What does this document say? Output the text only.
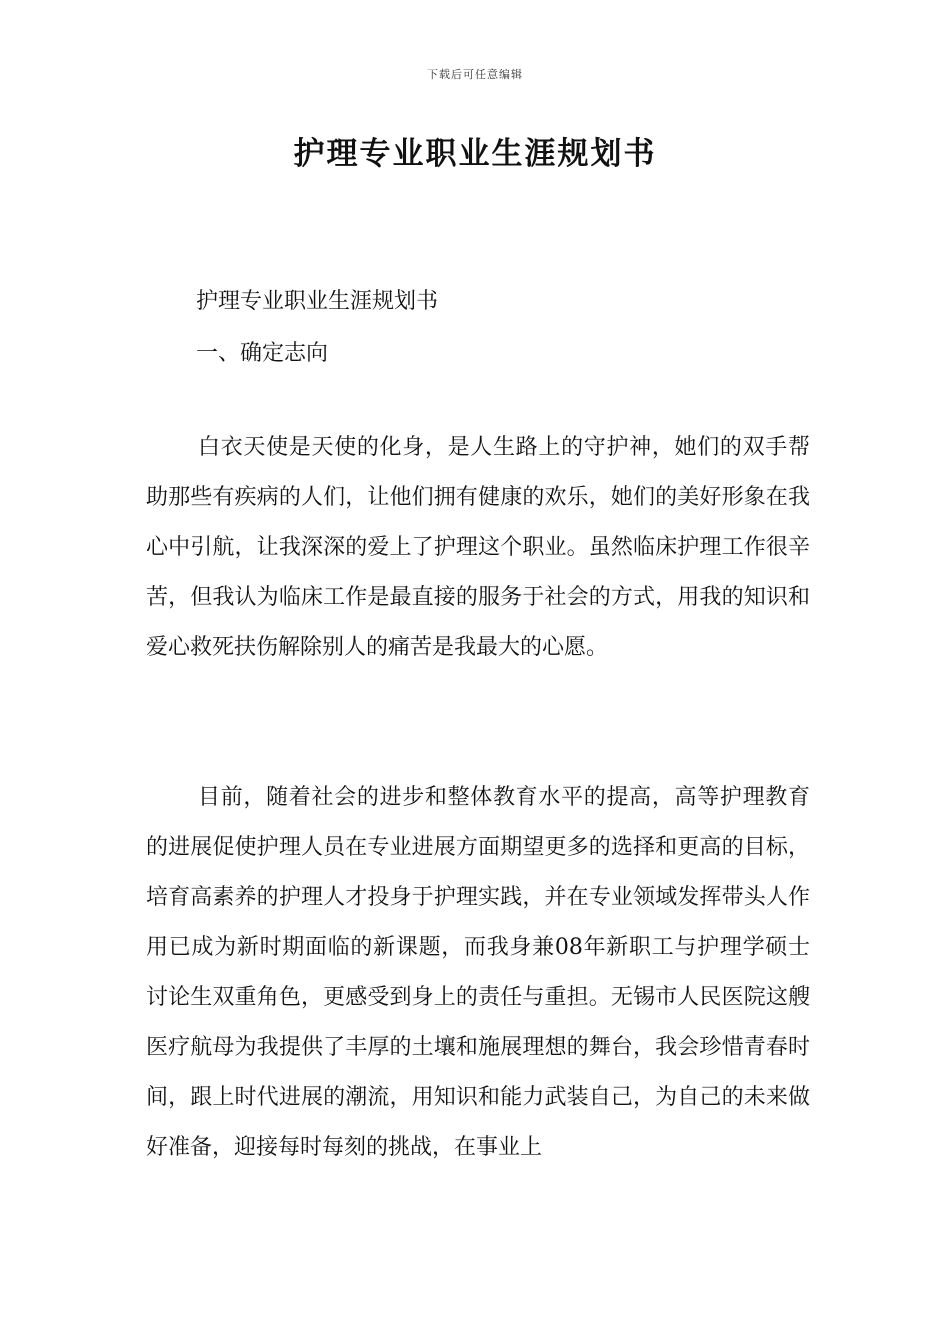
下载后可任意编辑
护理专业职业生涯规划书
护理专业职业生涯规划书
一、确定志向

白衣天使是天使的化身，是人生路上的守护神，她们的双手帮助那些有疾病的人们，让他们拥有健康的欢乐，她们的美好形象在我心中引航，让我深深的爱上了护理这个职业。虽然临床护理工作很辛苦，但我认为临床工作是最直接的服务于社会的方式，用我的知识和爱心救死扶伤解除别人的痛苦是我最大的心愿。

目前，随着社会的进步和整体教育水平的提高，高等护理教育的进展促使护理人员在专业进展方面期望更多的选择和更高的目标，培育高素养的护理人才投身于护理实践，并在专业领域发挥带头人作用已成为新时期面临的新课题，而我身兼08年新职工与护理学硕士讨论生双重角色，更感受到身上的责任与重担。无锡市人民医院这艘医疗航母为我提供了丰厚的土壤和施展理想的舞台，我会珍惜青春时间，跟上时代进展的潮流，用知识和能力武装自己，为自己的未来做好准备，迎接每时每刻的挑战，在事业上
